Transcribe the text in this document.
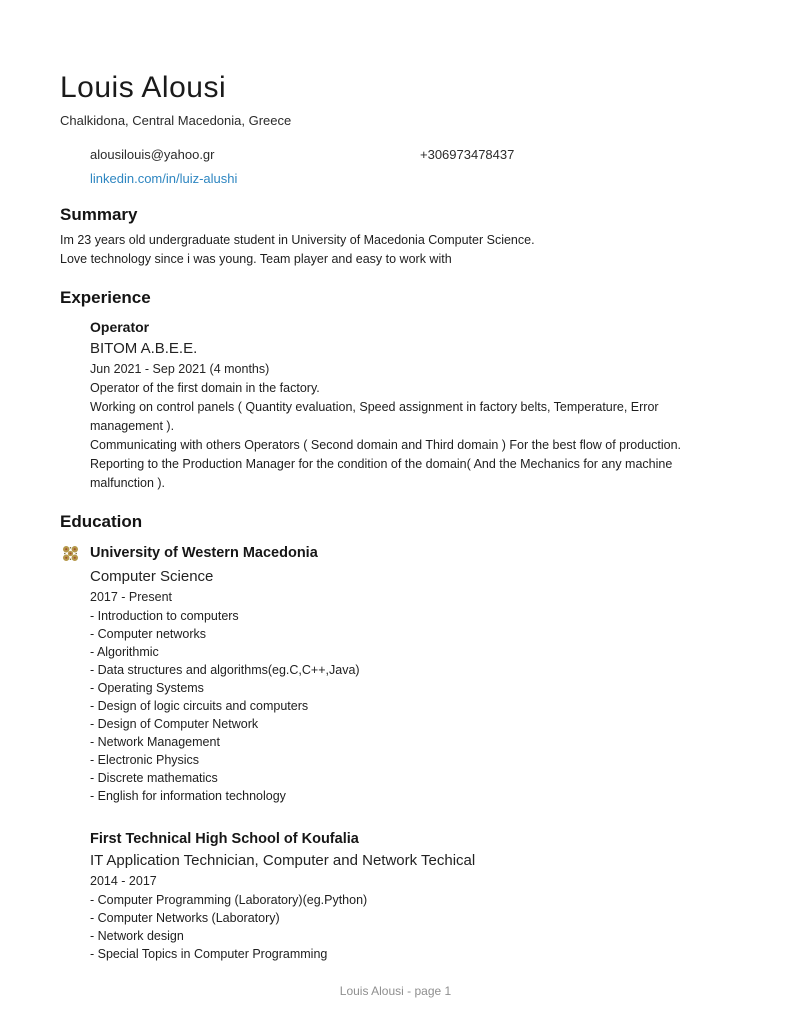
Louis Alousi
Chalkidona, Central Macedonia, Greece
alousilouis@yahoo.gr	+306973478437
linkedin.com/in/luiz-alushi
Summary
Im 23 years old undergraduate student in University of Macedonia Computer Science.
Love technology since i was young. Team player and easy to work with
Experience
Operator
BITOM A.B.E.E.
Jun 2021 - Sep 2021 (4 months)
Operator of the first domain in the factory.
Working on control panels ( Quantity evaluation, Speed assignment in factory belts, Temperature, Error management ).
Communicating with others Operators ( Second domain and Third domain ) For the best flow of production.
Reporting to the Production Manager for the condition of the domain( And the Mechanics for any machine malfunction ).
Education
University of Western Macedonia
Computer Science
2017 - Present
- Introduction to computers
- Computer networks
- Algorithmic
- Data structures and algorithms(eg.C,C++,Java)
- Operating Systems
- Design of logic circuits and computers
- Design of Computer Network
- Network Management
- Electronic Physics
- Discrete mathematics
- English for information technology
First Technical High School of Koufalia
IT Application Technician, Computer and Network Techical
2014 - 2017
- Computer Programming (Laboratory)(eg.Python)
- Computer Networks (Laboratory)
- Network design
- Special Topics in Computer Programming
Louis Alousi - page 1
